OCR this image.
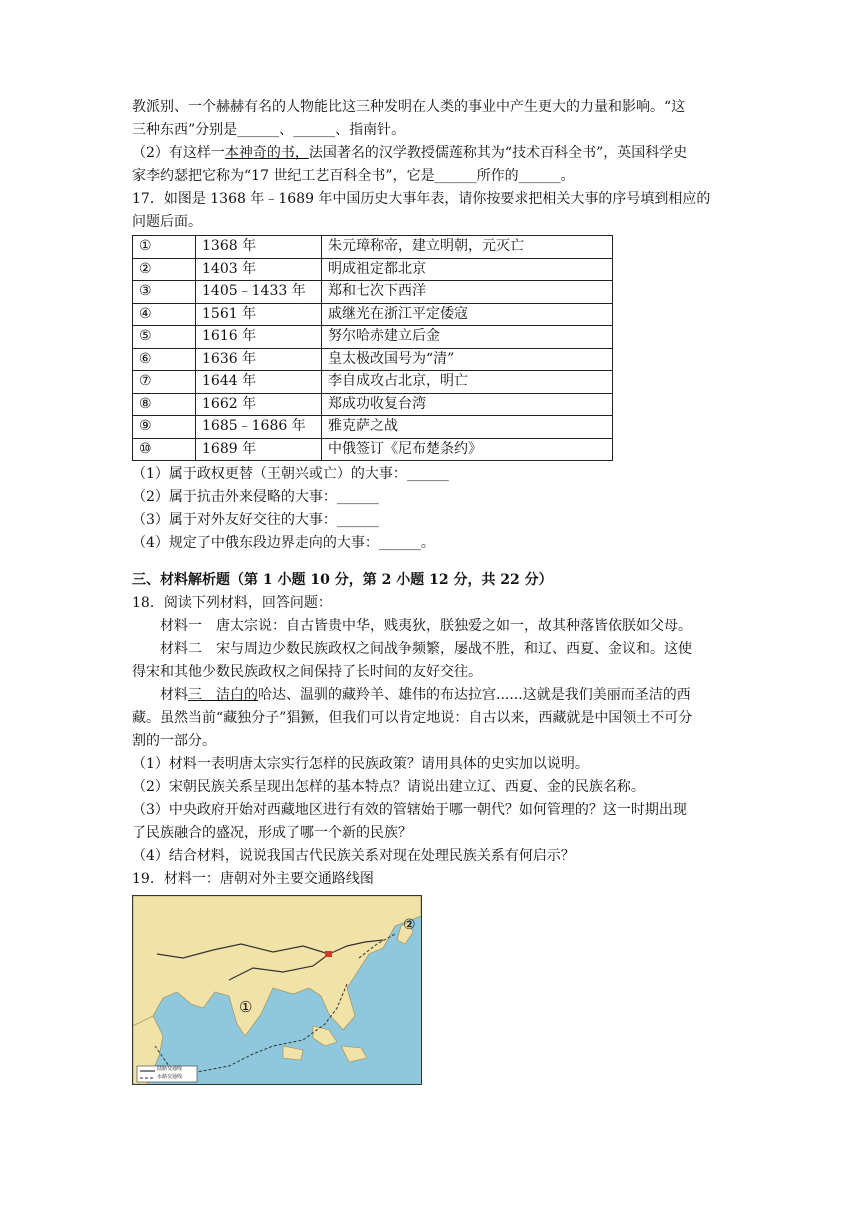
教派别、一个赫赫有名的人物能比这三种发明在人类的事业中产生更大的力量和影响。“这

三种东西”分别是______、______、指南针。

（2）有这样一本神奇的书，法国著名的汉学教授儒莲称其为“技术百科全书”，英国科学史

家李约瑟把它称为“17 世纪工艺百科全书”，它是______所作的______。

17．如图是 1368 年﹣1689 年中国历史大事年表，请你按要求把相关大事的序号填到相应的

问题后面。

①	1368 年	朱元璋称帝，建立明朝，元灭亡
②	1403 年	明成祖定都北京
③	1405﹣1433 年	郑和七次下西洋
④	1561 年	戚继光在浙江平定倭寇
⑤	1616 年	努尔哈赤建立后金
⑥	1636 年	皇太极改国号为“清”
⑦	1644 年	李自成攻占北京，明亡
⑧	1662 年	郑成功收复台湾
⑨	1685﹣1686 年	雅克萨之战
⑩	1689 年	中俄签订《尼布楚条约》

（1）属于政权更替（王朝兴或亡）的大事：______

（2）属于抗击外来侵略的大事：______

（3）属于对外友好交往的大事：______

（4）规定了中俄东段边界走向的大事：______。

三、材料解析题（第 1 小题 10 分，第 2 小题 12 分，共 22 分）

18．阅读下列材料，回答问题：

材料一　唐太宗说：自古皆贵中华，贱夷狄，朕独爱之如一，故其种落皆依朕如父母。

材料二　宋与周边少数民族政权之间战争频繁，屡战不胜，和辽、西夏、金议和。这使

得宋和其他少数民族政权之间保持了长时间的友好交往。

材料三　洁白的哈达、温驯的藏羚羊、雄伟的布达拉宫......这就是我们美丽而圣洁的西

藏。虽然当前“藏独分子”猖獗，但我们可以肯定地说：自古以来，西藏就是中国领土不可分

割的一部分。

（1）材料一表明唐太宗实行怎样的民族政策？请用具体的史实加以说明。

（2）宋朝民族关系呈现出怎样的基本特点？请说出建立辽、西夏、金的民族名称。

（3）中央政府开始对西藏地区进行有效的管辖始于哪一朝代？如何管理的？这一时期出现

了民族融合的盛况，形成了哪一个新的民族？

（4）结合材料，说说我国古代民族关系对现在处理民族关系有何启示？

19．材料一：唐朝对外主要交通路线图

①
②
陆路交通线
水路交通线
